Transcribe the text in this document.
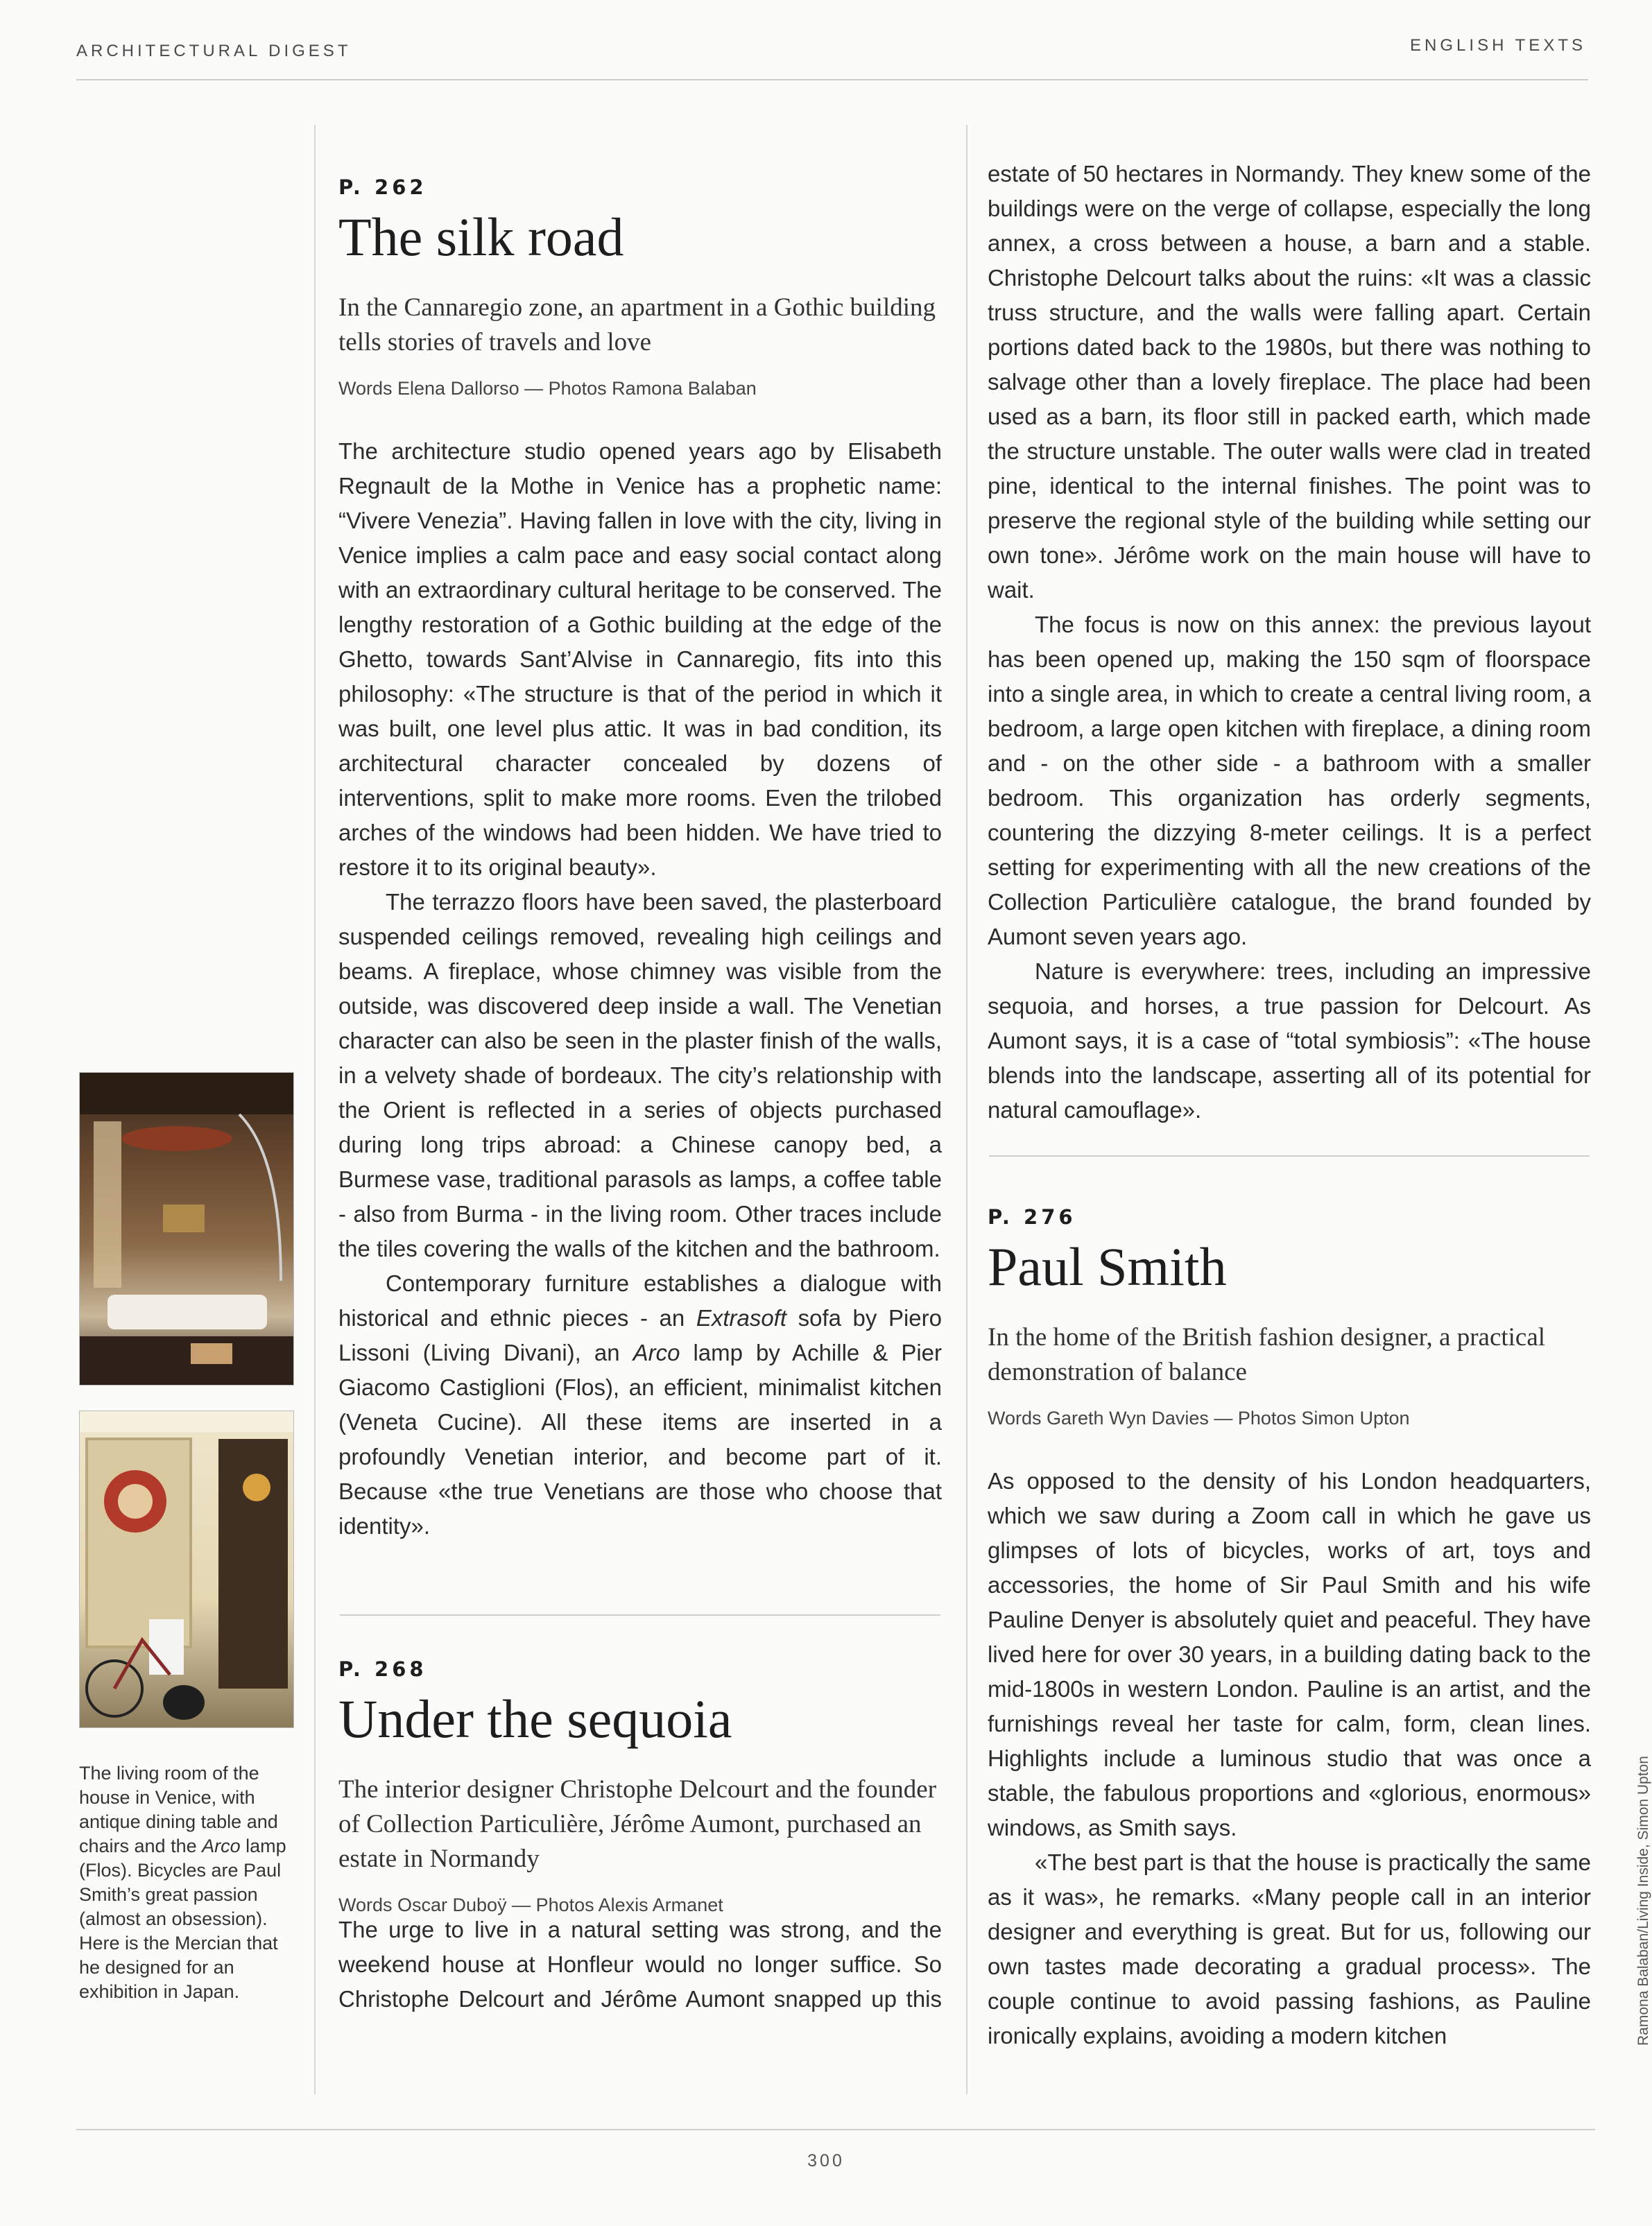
ARCHITECTURAL DIGEST	ENGLISH TEXTS
The living room of the house in Venice, with antique dining table and chairs and the Arco lamp (Flos). Bicycles are Paul Smith’s great passion (almost an obsession). Here is the Mercian that he designed for an exhibition in Japan.
P. 262
The silk road
In the Cannaregio zone, an apartment in a Gothic building tells stories of travels and love
Words Elena Dallorso — Photos Ramona Balaban

The architecture studio opened years ago by Elisabeth Regnault de la Mothe in Venice has a prophetic name: “Vivere Venezia”. Having fallen in love with the city, living in Venice implies a calm pace and easy social contact along with an extraordinary cultural heritage to be conserved. The lengthy restoration of a Gothic building at the edge of the Ghetto, towards Sant’Alvise in Cannaregio, fits into this philosophy: «The structure is that of the period in which it was built, one level plus attic. It was in bad condition, its architectural character concealed by dozens of interventions, split to make more rooms. Even the trilobed arches of the windows had been hidden. We have tried to restore it to its original beauty».

The terrazzo floors have been saved, the plasterboard suspended ceilings removed, revealing high ceilings and beams. A fireplace, whose chimney was visible from the outside, was discovered deep inside a wall. The Venetian character can also be seen in the plaster finish of the walls, in a velvety shade of bordeaux. The city’s relationship with the Orient is reflected in a series of objects purchased during long trips abroad: a Chinese canopy bed, a Burmese vase, traditional parasols as lamps, a coffee table - also from Burma - in the living room. Other traces include the tiles covering the walls of the kitchen and the bathroom.

Contemporary furniture establishes a dialogue with historical and ethnic pieces - an Extrasoft sofa by Piero Lissoni (Living Divani), an Arco lamp by Achille & Pier Giacomo Castiglioni (Flos), an efficient, minimalist kitchen (Veneta Cucine). All these items are inserted in a profoundly Venetian interior, and become part of it. Because «the true Venetians are those who choose that identity».

P. 268
Under the sequoia
The interior designer Christophe Delcourt and the founder of Collection Particulière, Jérôme Aumont, purchased an estate in Normandy
Words Oscar Duboÿ — Photos Alexis Armanet

The urge to live in a natural setting was strong, and the weekend house at Honfleur would no longer suffice. So Christophe Delcourt and Jérôme Aumont snapped up this

estate of 50 hectares in Normandy. They knew some of the buildings were on the verge of collapse, especially the long annex, a cross between a house, a barn and a stable. Christophe Delcourt talks about the ruins: «It was a classic truss structure, and the walls were falling apart. Certain portions dated back to the 1980s, but there was nothing to salvage other than a lovely fireplace. The place had been used as a barn, its floor still in packed earth, which made the structure unstable. The outer walls were clad in treated pine, identical to the internal finishes. The point was to preserve the regional style of the building while setting our own tone». Jérôme work on the main house will have to wait.

The focus is now on this annex: the previous layout has been opened up, making the 150 sqm of floorspace into a single area, in which to create a central living room, a bedroom, a large open kitchen with fireplace, a dining room and - on the other side - a bathroom with a smaller bedroom. This organization has orderly segments, countering the dizzying 8-meter ceilings. It is a perfect setting for experimenting with all the new creations of the Collection Particulière catalogue, the brand founded by Aumont seven years ago.

Nature is everywhere: trees, including an impressive sequoia, and horses, a true passion for Delcourt. As Aumont says, it is a case of “total symbiosis”: «The house blends into the landscape, asserting all of its potential for natural camouflage».

P. 276
Paul Smith
In the home of the British fashion designer, a practical demonstration of balance
Words Gareth Wyn Davies — Photos Simon Upton

As opposed to the density of his London headquarters, which we saw during a Zoom call in which he gave us glimpses of lots of bicycles, works of art, toys and accessories, the home of Sir Paul Smith and his wife Pauline Denyer is absolutely quiet and peaceful. They have lived here for over 30 years, in a building dating back to the mid-1800s in western London. Pauline is an artist, and the furnishings reveal her taste for calm, form, clean lines. Highlights include a luminous studio that was once a stable, the fabulous proportions and «glorious, enormous» windows, as Smith says.

«The best part is that the house is practically the same as it was», he remarks. «Many people call in an interior designer and everything is great. But for us, following our own tastes made decorating a gradual process». The couple continue to avoid passing fashions, as Pauline ironically explains, avoiding a modern kitchen	Ramona Balaban/Living Inside, Simon Upton
300
